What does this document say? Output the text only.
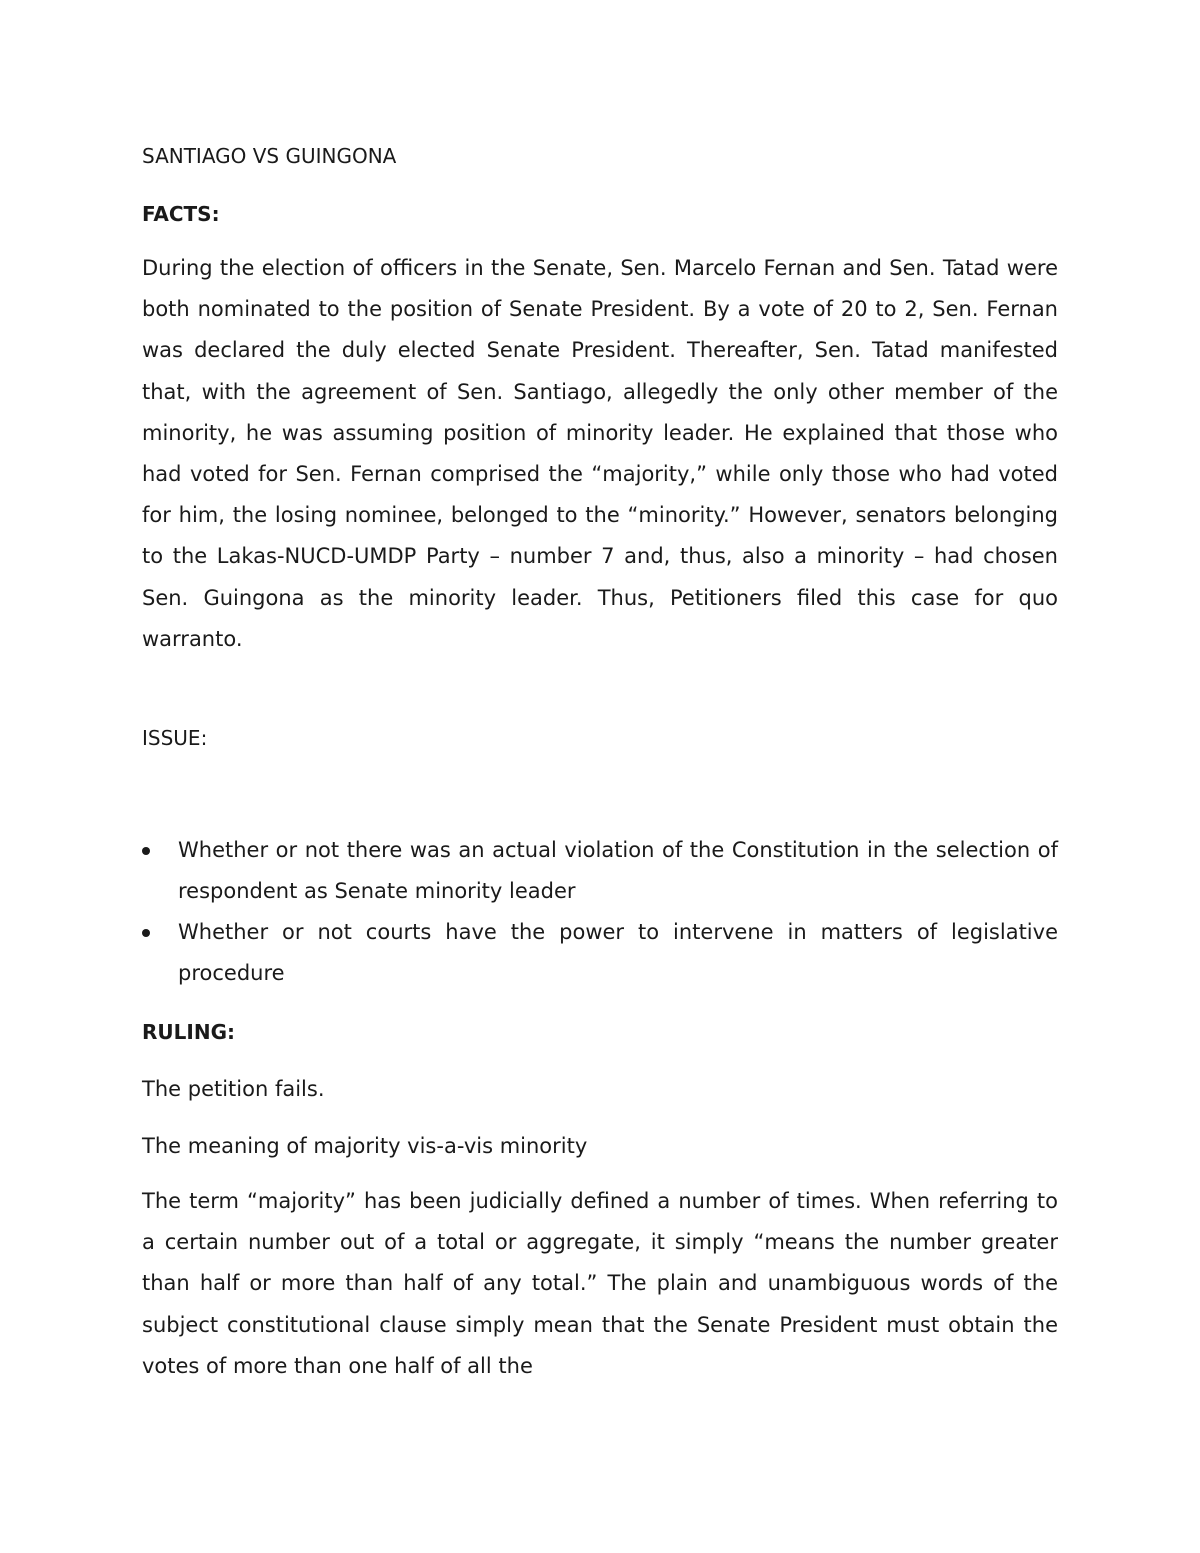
SANTIAGO VS GUINGONA
FACTS:

During the election of officers in the Senate, Sen. Marcelo Fernan and Sen. Tatad were both nominated to the position of Senate President. By a vote of 20 to 2, Sen. Fernan was declared the duly elected Senate President. Thereafter, Sen. Tatad manifested that, with the agreement of Sen. Santiago, allegedly the only other member of the minority, he was assuming position of minority leader. He explained that those who had voted for Sen. Fernan comprised the “majority,” while only those who had voted for him, the losing nominee, belonged to the “minority.” However, senators belonging to the Lakas-NUCD-UMDP Party – number 7 and, thus, also a minority – had chosen Sen. Guingona as the minority leader. Thus, Petitioners filed this case for quo warranto.

ISSUE:
Whether or not there was an actual violation of the Constitution in the selection of respondent as Senate minority leader
Whether or not courts have the power to intervene in matters of legislative procedure
RULING:

The petition fails.

The meaning of majority vis-a-vis minority

The term “majority” has been judicially defined a number of times. When referring to a certain number out of a total or aggregate, it simply “means the number greater than half or more than half of any total.” The plain and unambiguous words of the subject constitutional clause simply mean that the Senate President must obtain the votes of more than one half of all the
